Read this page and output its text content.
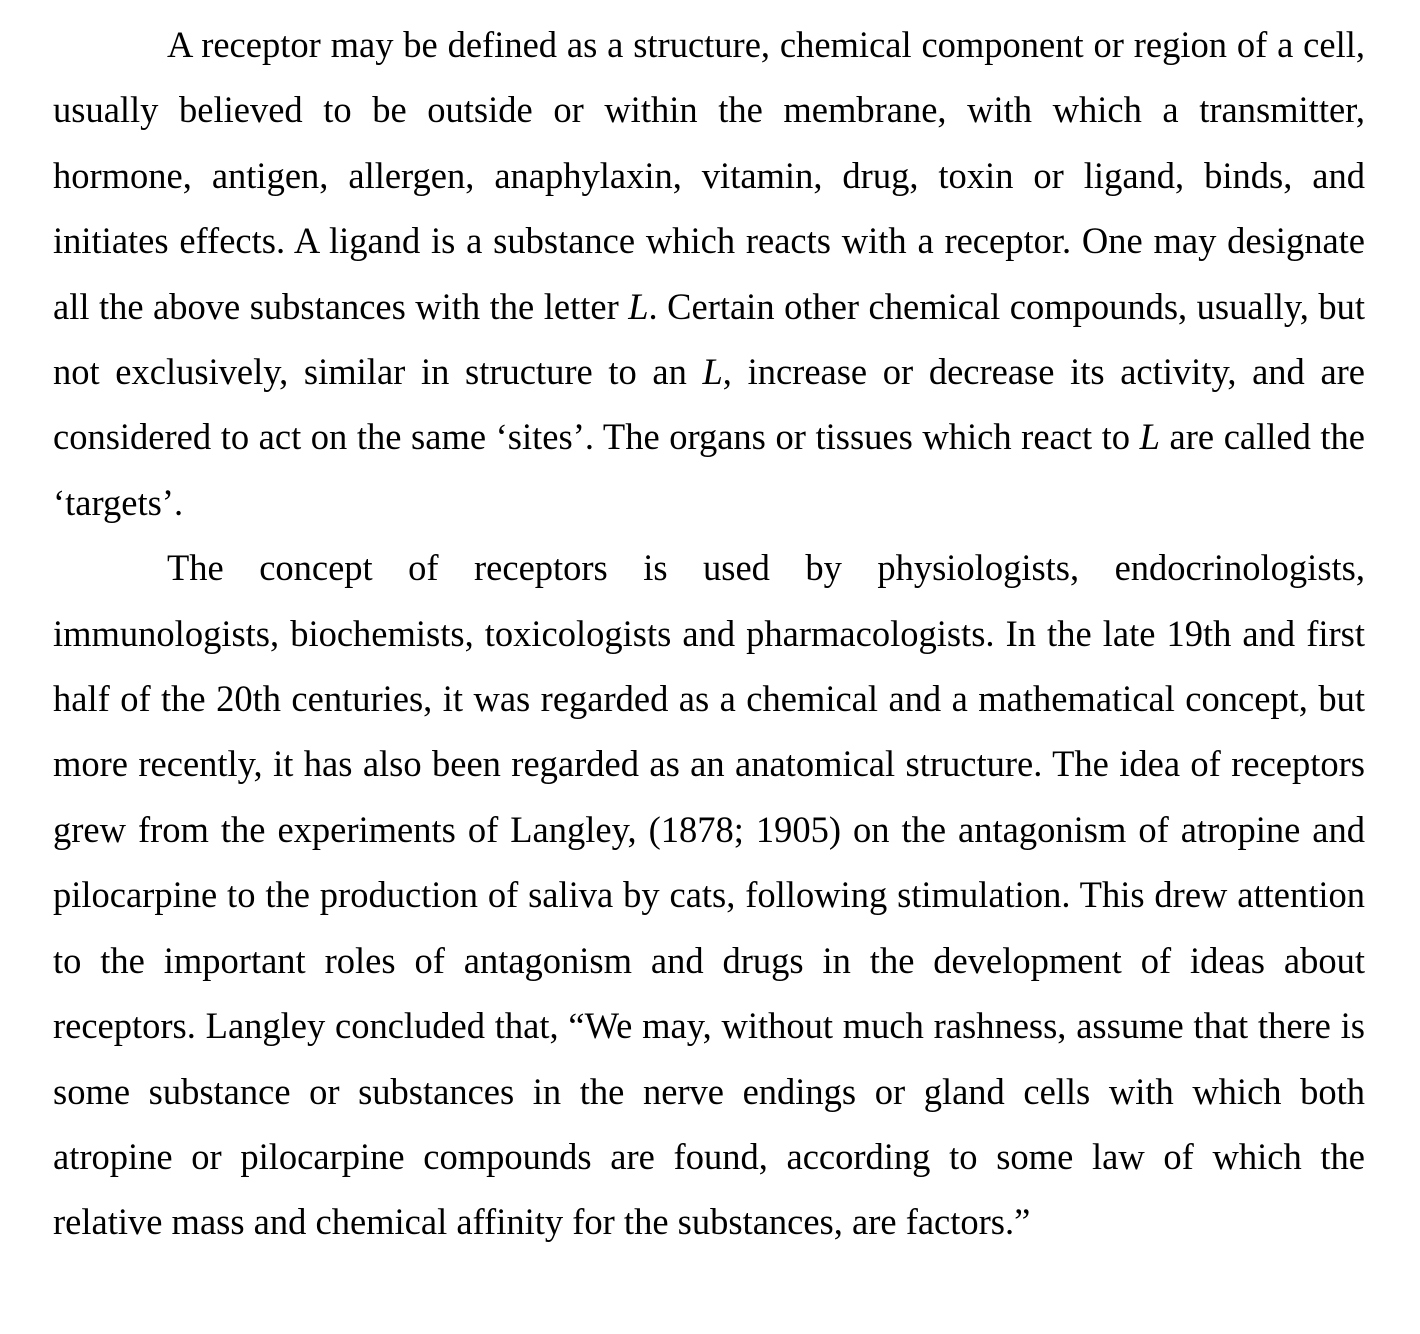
A receptor may be defined as a structure, chemical component or region of a cell, usually believed to be outside or within the membrane, with which a transmitter, hormone, antigen, allergen, anaphylaxin, vitamin, drug, toxin or ligand, binds, and initiates effects. A ligand is a substance which reacts with a receptor. One may designate all the above substances with the letter L. Certain other chemical compounds, usually, but not exclusively, similar in structure to an L, increase or decrease its activity, and are considered to act on the same ‘sites’. The organs or tissues which react to L are called the ‘targets’.

The concept of receptors is used by physiologists, endocrinologists, immunologists, biochemists, toxicologists and pharmacologists. In the late 19th and first half of the 20th centuries, it was regarded as a chemical and a mathematical concept, but more recently, it has also been regarded as an anatomical structure. The idea of receptors grew from the experiments of Langley, (1878; 1905) on the antagonism of atropine and pilocarpine to the production of saliva by cats, following stimulation. This drew attention to the important roles of antagonism and drugs in the development of ideas about receptors. Langley concluded that, “We may, without much rashness, assume that there is some substance or substances in the nerve endings or gland cells with which both atropine or pilocarpine compounds are found, according to some law of which the relative mass and chemical affinity for the substances, are factors.”
